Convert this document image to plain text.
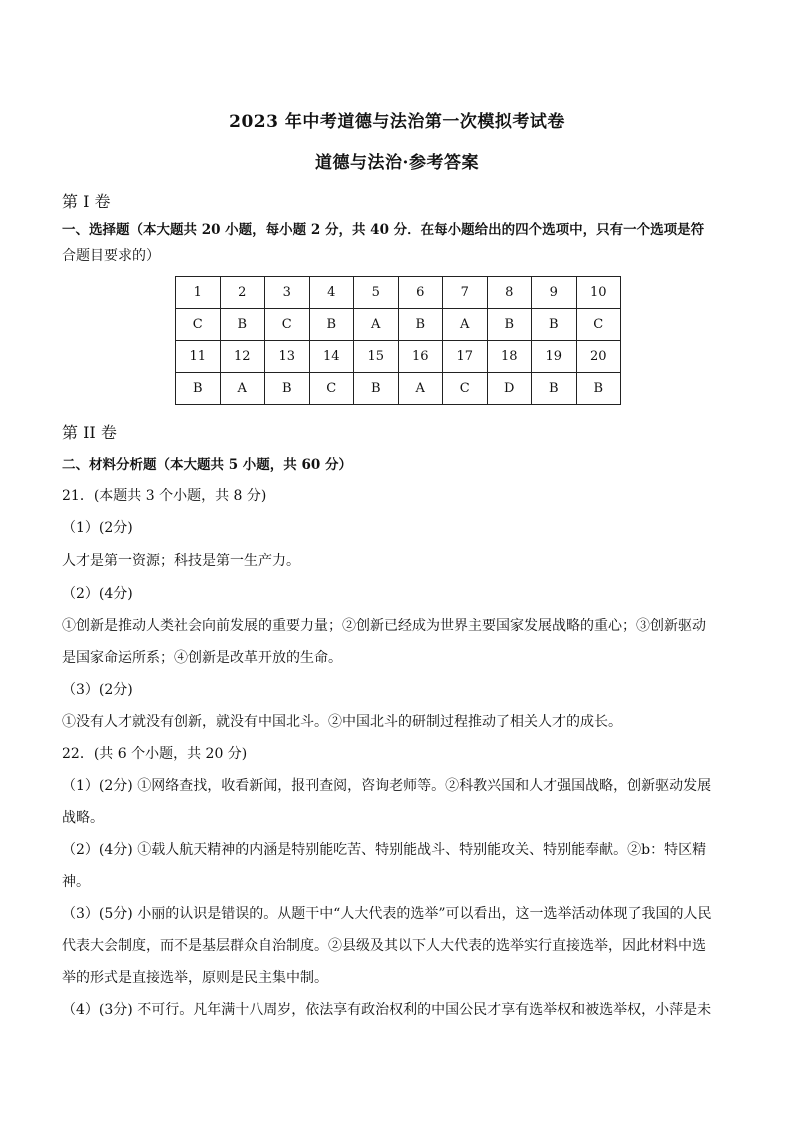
2023 年中考道德与法治第一次模拟考试卷
道德与法治·参考答案
第 I 卷
一、选择题（本大题共 20 小题，每小题 2 分，共 40 分．在每小题给出的四个选项中，只有一个选项是符
合题目要求的）
1	2	3	4	5	6	7	8	9	10
C	B	C	B	A	B	A	B	B	C
11	12	13	14	15	16	17	18	19	20
B	A	B	C	B	A	C	D	B	B
第 II 卷
二、材料分析题（本大题共 5 小题，共 60 分）
21．(本题共 3 个小题，共 8 分)
（1）(2分)
人才是第一资源；科技是第一生产力。
（2）(4分)
①创新是推动人类社会向前发展的重要力量；②创新已经成为世界主要国家发展战略的重心；③创新驱动
是国家命运所系；④创新是改革开放的生命。
（3）(2分)
①没有人才就没有创新，就没有中国北斗。②中国北斗的研制过程推动了相关人才的成长。
22．(共 6 个小题，共 20 分)
（1）(2分) ①网络查找，收看新闻，报刊查阅，咨询老师等。②科教兴国和人才强国战略，创新驱动发展
战略。
（2）(4分) ①载人航天精神的内涵是特别能吃苦、特别能战斗、特别能攻关、特别能奉献。②b：特区精
神。
（3）(5分) 小丽的认识是错误的。从题干中“人大代表的选举”可以看出，这一选举活动体现了我国的人民
代表大会制度，而不是基层群众自治制度。②县级及其以下人大代表的选举实行直接选举，因此材料中选
举的形式是直接选举，原则是民主集中制。
（4）(3分) 不可行。凡年满十八周岁，依法享有政治权利的中国公民才享有选举权和被选举权，小萍是未
